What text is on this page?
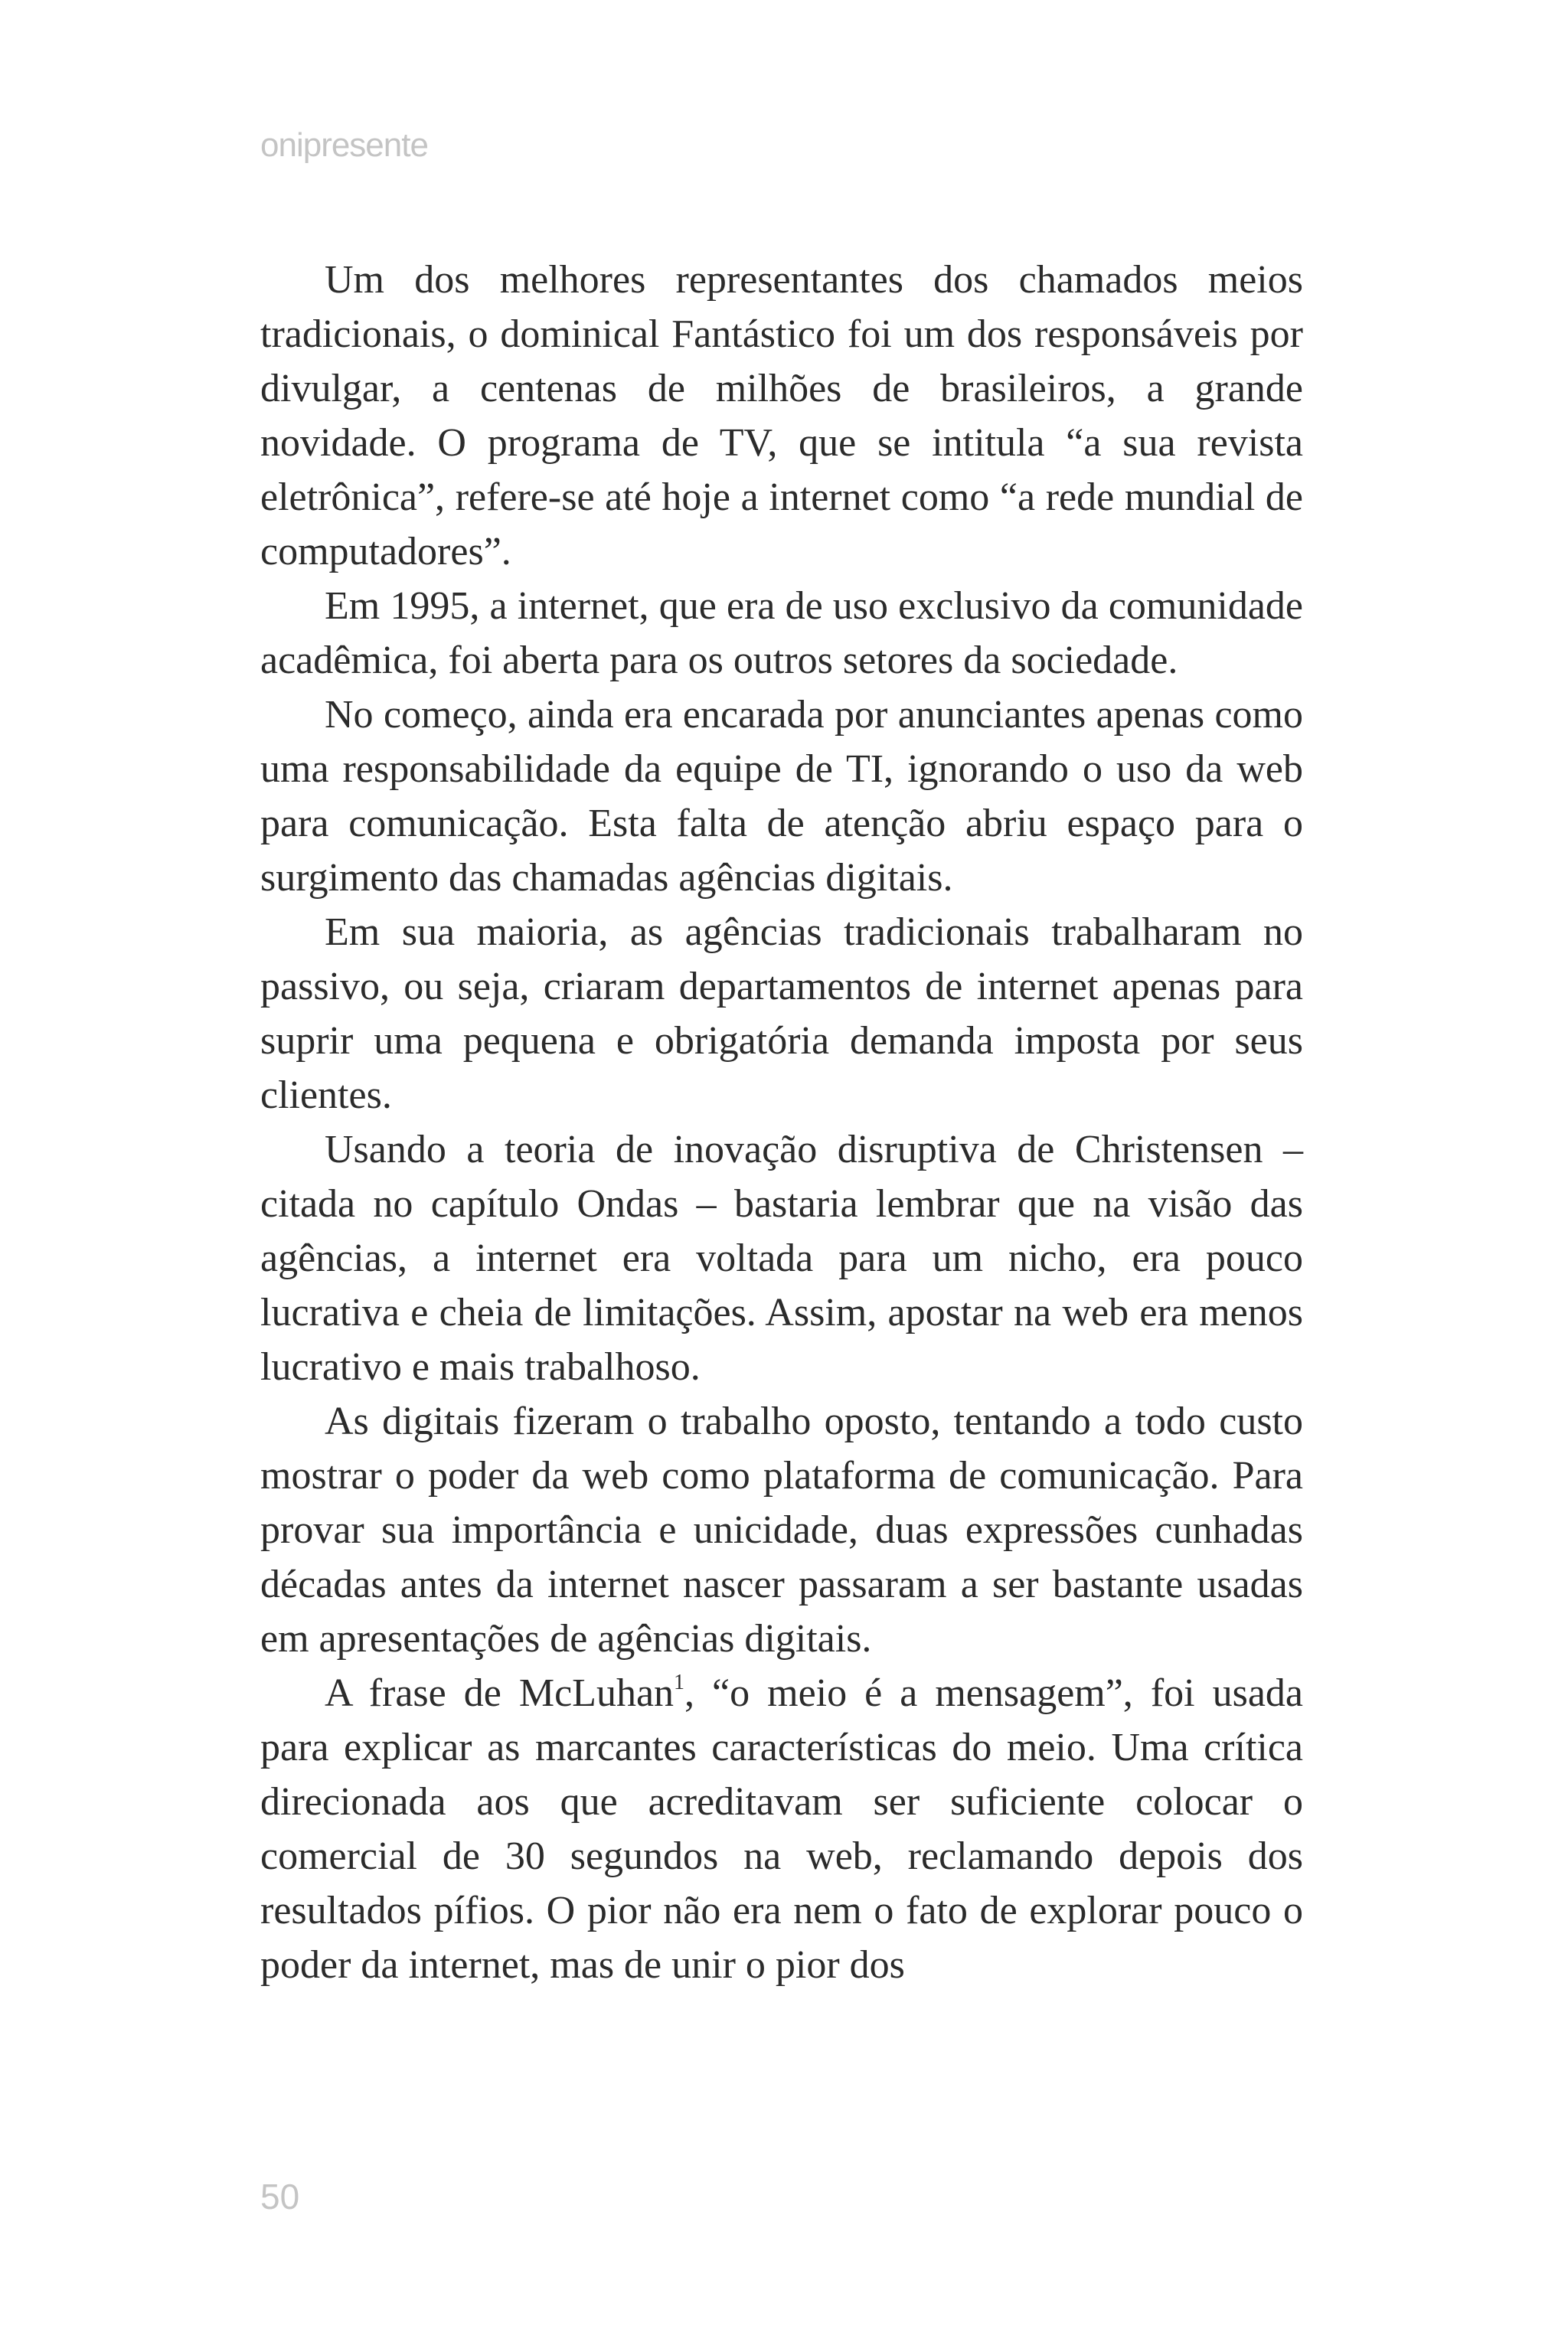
onipresente

Um dos melhores representantes dos chamados meios tradicionais, o dominical Fantástico foi um dos responsáveis por divulgar, a centenas de milhões de brasileiros, a grande novidade. O programa de TV, que se intitula “a sua revista eletrônica”, refere-se até hoje a internet como “a rede mundial de computadores”.

Em 1995, a internet, que era de uso exclusivo da comunidade acadêmica, foi aberta para os outros setores da sociedade.

No começo, ainda era encarada por anunciantes apenas como uma responsabilidade da equipe de TI, ignorando o uso da web para comunicação. Esta falta de atenção abriu espaço para o surgimento das chamadas agências digitais.

Em sua maioria, as agências tradicionais trabalharam no passivo, ou seja, criaram departamentos de internet apenas para suprir uma pequena e obrigatória demanda imposta por seus clientes.

Usando a teoria de inovação disruptiva de Christensen – citada no capítulo Ondas – bastaria lembrar que na visão das agências, a internet era voltada para um nicho, era pouco lucrativa e cheia de limitações. Assim, apostar na web era menos lucrativo e mais trabalhoso.

As digitais fizeram o trabalho oposto, tentando a todo custo mostrar o poder da web como plataforma de comunicação. Para provar sua importância e unicidade, duas expressões cunhadas décadas antes da internet nascer passaram a ser bastante usadas em apresentações de agências digitais.

A frase de McLuhan$^1$, “o meio é a mensagem”, foi usada para explicar as marcantes características do meio. Uma crítica direcionada aos que acreditavam ser suficiente colocar o comercial de 30 segundos na web, reclamando depois dos resultados pífios. O pior não era nem o fato de explorar pouco o poder da internet, mas de unir o pior dos

50
